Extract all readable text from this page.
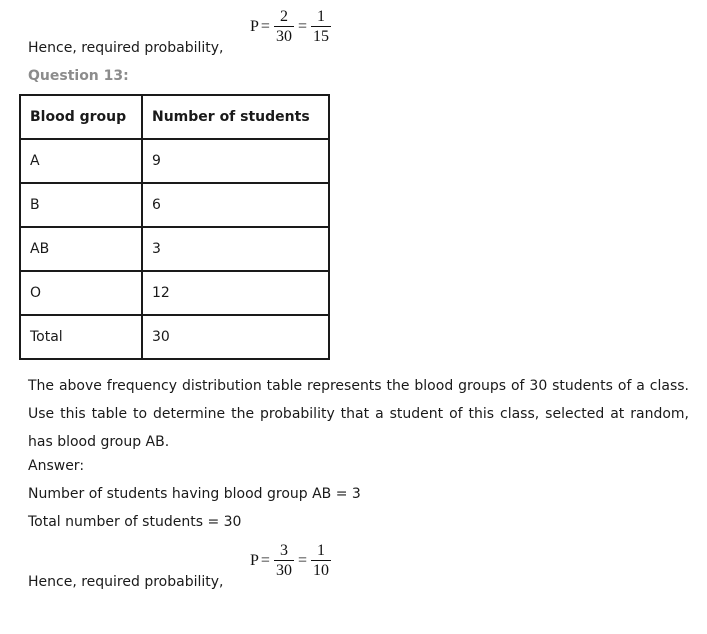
$P = \frac{2}{30} = \frac{1}{15}$
Hence, required probability,
Question 13:
Blood group	Number of students
A	9
B	6
AB	3
O	12
Total	30
The above frequency distribution table represents the blood groups of 30 students of a class. Use this table to determine the probability that a student of this class, selected at random, has blood group AB.
Answer:
Number of students having blood group AB = 3
Total number of students = 30
$P = \frac{3}{30} = \frac{1}{10}$
Hence, required probability,
